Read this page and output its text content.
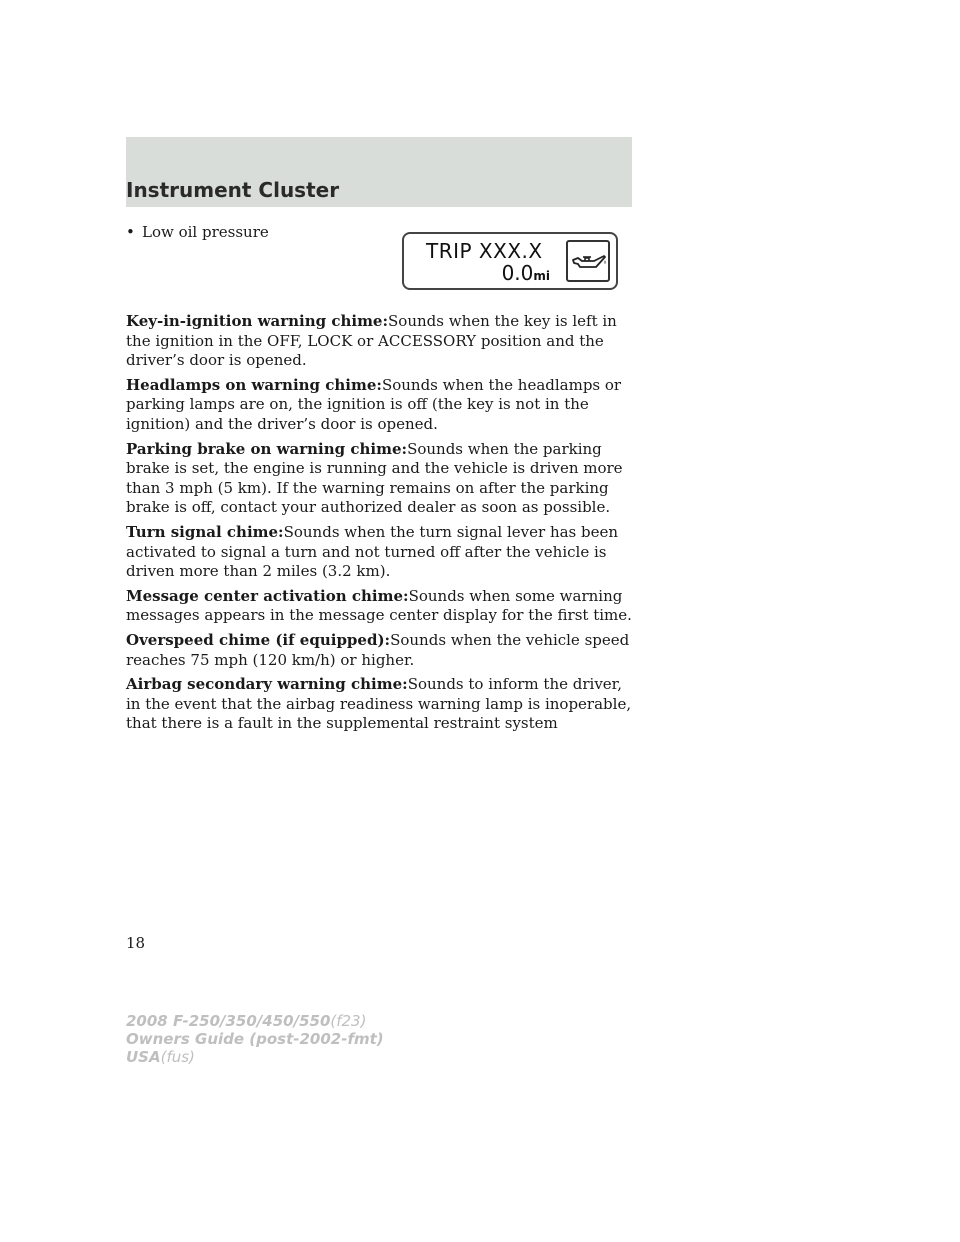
Instrument Cluster

• Low oil pressure

TRIP XXX.X
0.0mi

Key-in-ignition warning chime:Sounds when the key is left in the ignition in the OFF, LOCK or ACCESSORY position and the driver’s door is opened.

Headlamps on warning chime:Sounds when the headlamps or parking lamps are on, the ignition is off (the key is not in the ignition) and the driver’s door is opened.

Parking brake on warning chime:Sounds when the parking brake is set, the engine is running and the vehicle is driven more than 3 mph (5 km). If the warning remains on after the parking brake is off, contact your authorized dealer as soon as possible.

Turn signal chime:Sounds when the turn signal lever has been activated to signal a turn and not turned off after the vehicle is driven more than 2 miles (3.2 km).

Message center activation chime:Sounds when some warning messages appears in the message center display for the first time.

Overspeed chime (if equipped):Sounds when the vehicle speed reaches 75 mph (120 km/h) or higher.

Airbag secondary warning chime:Sounds to inform the driver, in the event that the airbag readiness warning lamp is inoperable, that there is a fault in the supplemental restraint system

18

2008 F-250/350/450/550(f23)
Owners Guide (post-2002-fmt)
USA(fus)
